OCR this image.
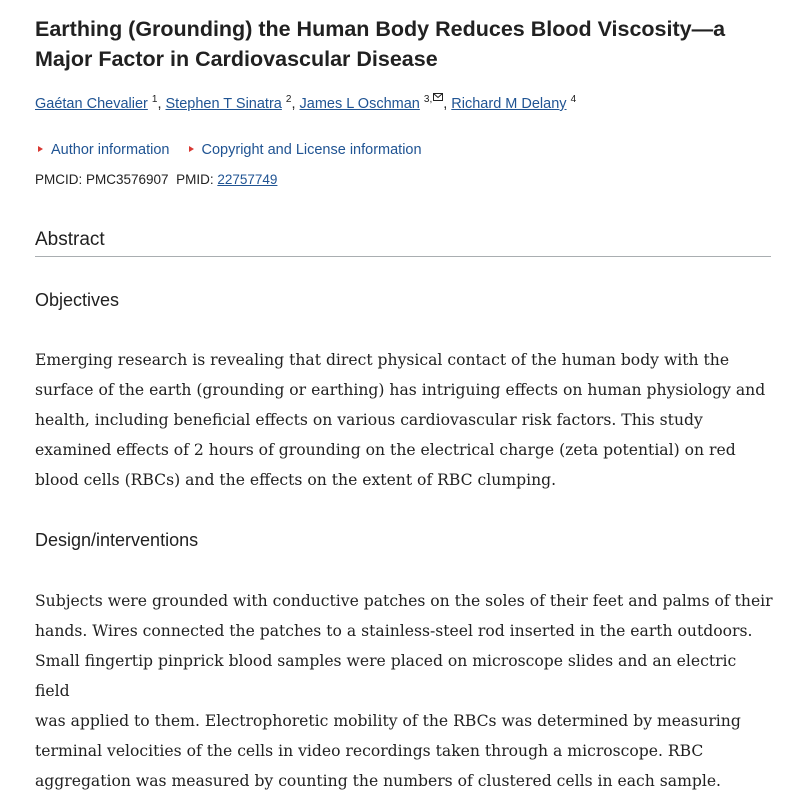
Earthing (Grounding) the Human Body Reduces Blood Viscosity—a Major Factor in Cardiovascular Disease
Gaétan Chevalier $^1$, Stephen T Sinatra $^2$, James L Oschman $^{3,}$ , Richard M Delany $^4$
Author information Copyright and License information
PMCID: PMC3576907 PMID: 22757749
Abstract
Objectives
Emerging research is revealing that direct physical contact of the human body with the
surface of the earth (grounding or earthing) has intriguing effects on human physiology and
health, including beneficial effects on various cardiovascular risk factors. This study
examined effects of 2 hours of grounding on the electrical charge (zeta potential) on red
blood cells (RBCs) and the effects on the extent of RBC clumping.
Design/interventions
Subjects were grounded with conductive patches on the soles of their feet and palms of their
hands. Wires connected the patches to a stainless-steel rod inserted in the earth outdoors.
Small fingertip pinprick blood samples were placed on microscope slides and an electric field
was applied to them. Electrophoretic mobility of the RBCs was determined by measuring
terminal velocities of the cells in video recordings taken through a microscope. RBC
aggregation was measured by counting the numbers of clustered cells in each sample.
